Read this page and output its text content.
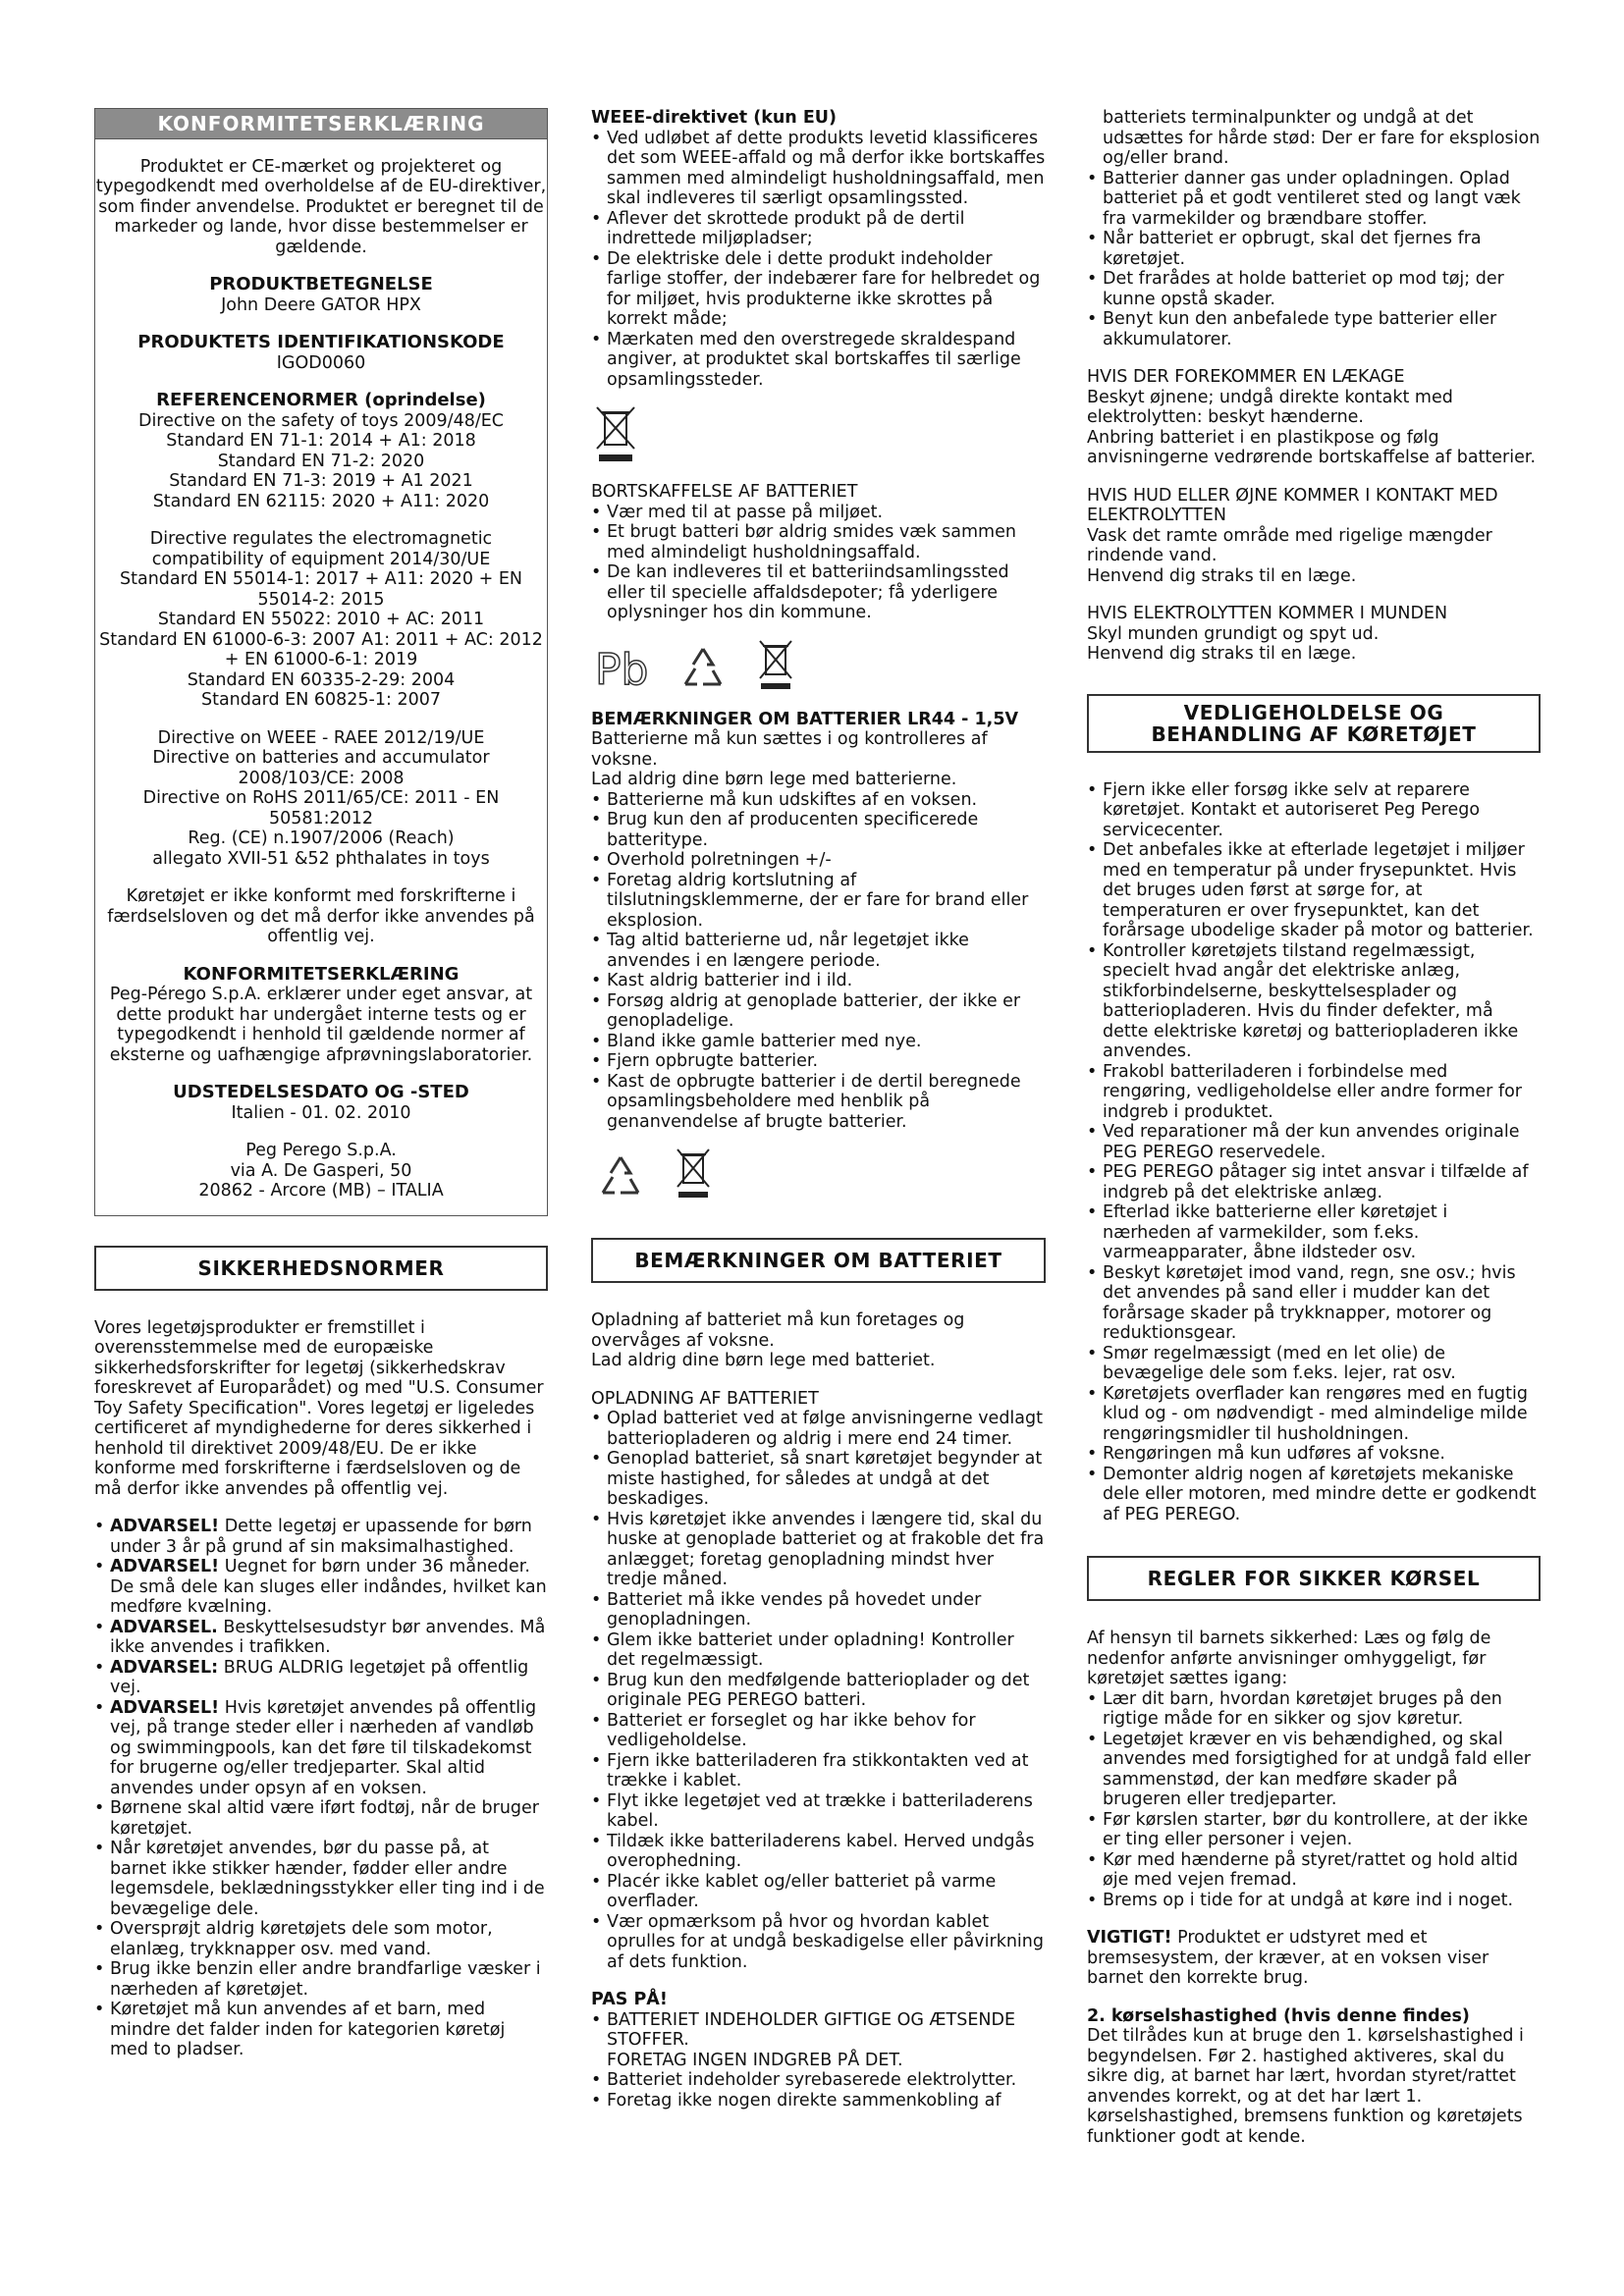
KONFORMITETSERKLÆRING

Produktet er CE-mærket og projekteret og typegodkendt med overholdelse af de EU-direktiver, som finder anvendelse. Produktet er beregnet til de markeder og lande, hvor disse bestemmelser er gældende.

PRODUKTBETEGNELSE

John Deere GATOR HPX

PRODUKTETS IDENTIFIKATIONSKODE

IGOD0060

REFERENCENORMER (oprindelse)

Directive on the safety of toys 2009/48/EC
Standard EN 71-1: 2014 + A1: 2018
Standard EN 71-2: 2020
Standard EN 71-3: 2019 + A1 2021
Standard EN 62115: 2020 + A11: 2020

Directive regulates the electromagnetic compatibility of equipment 2014/30/UE
Standard EN 55014-1: 2017 + A11: 2020 + EN 55014-2: 2015
Standard EN 55022: 2010 + AC: 2011
Standard EN 61000-6-3: 2007 A1: 2011 + AC: 2012 + EN 61000-6-1: 2019
Standard EN 60335-2-29: 2004
Standard EN 60825-1: 2007

Directive on WEEE - RAEE 2012/19/UE
Directive on batteries and accumulator 2008/103/CE: 2008
Directive on RoHS 2011/65/CE: 2011 - EN 50581:2012
Reg. (CE) n.1907/2006 (Reach)
allegato XVII-51 &52 phthalates in toys

Køretøjet er ikke konformt med forskrifterne i færdselsloven og det må derfor ikke anvendes på offentlig vej.

KONFORMITETSERKLÆRING

Peg-Pérego S.p.A. erklærer under eget ansvar, at dette produkt har undergået interne tests og er typegodkendt i henhold til gældende normer af eksterne og uafhængige afprøvningslaboratorier.

UDSTEDELSESDATO OG -STED

Italien - 01. 02. 2010

Peg Perego S.p.A.
via A. De Gasperi, 50
20862 - Arcore (MB) – ITALIA

SIKKERHEDSNORMER

Vores legetøjsprodukter er fremstillet i overensstemmelse med de europæiske sikkerhedsforskrifter for legetøj (sikkerhedskrav foreskrevet af Europarådet) og med "U.S. Consumer Toy Safety Specification". Vores legetøj er ligeledes certificeret af myndighederne for deres sikkerhed i henhold til direktivet 2009/48/EU. De er ikke konforme med forskrifterne i færdselsloven og de må derfor ikke anvendes på offentlig vej.

• ADVARSEL! Dette legetøj er upassende for børn under 3 år på grund af sin maksimalhastighed.
• ADVARSEL! Uegnet for børn under 36 måneder. De små dele kan sluges eller indåndes, hvilket kan medføre kvælning.
• ADVARSEL. Beskyttelsesudstyr bør anvendes. Må ikke anvendes i trafikken.
• ADVARSEL: BRUG ALDRIG legetøjet på offentlig vej.
• ADVARSEL! Hvis køretøjet anvendes på offentlig vej, på trange steder eller i nærheden af vandløb og swimmingpools, kan det føre til tilskadekomst for brugerne og/eller tredjeparter. Skal altid anvendes under opsyn af en voksen.
• Børnene skal altid være iført fodtøj, når de bruger køretøjet.
• Når køretøjet anvendes, bør du passe på, at barnet ikke stikker hænder, fødder eller andre legemsdele, beklædningsstykker eller ting ind i de bevægelige dele.
• Oversprøjt aldrig køretøjets dele som motor, elanlæg, trykknapper osv. med vand.
• Brug ikke benzin eller andre brandfarlige væsker i nærheden af køretøjet.
• Køretøjet må kun anvendes af et barn, med mindre det falder inden for kategorien køretøj med to pladser.
WEEE-direktivet (kun EU)
• Ved udløbet af dette produkts levetid klassificeres det som WEEE-affald og må derfor ikke bortskaffes sammen med almindeligt husholdningsaffald, men skal indleveres til særligt opsamlingssted.
• Aflever det skrottede produkt på de dertil indrettede miljøpladser;
• De elektriske dele i dette produkt indeholder farlige stoffer, der indebærer fare for helbredet og for miljøet, hvis produkterne ikke skrottes på korrekt måde;
• Mærkaten med den overstregede skraldespand angiver, at produktet skal bortskaffes til særlige opsamlingssteder.
BORTSKAFFELSE AF BATTERIET
• Vær med til at passe på miljøet.
• Et brugt batteri bør aldrig smides væk sammen med almindeligt husholdningsaffald.
• De kan indleveres til et batteriindsamlingssted eller til specielle affaldsdepoter; få yderligere oplysninger hos din kommune.
Pb
BEMÆRKNINGER OM BATTERIER LR44 - 1,5V

Batterierne må kun sættes i og kontrolleres af voksne.
Lad aldrig dine børn lege med batterierne.

• Batterierne må kun udskiftes af en voksen.
• Brug kun den af producenten specificerede batteritype.
• Overhold polretningen +/-
• Foretag aldrig kortslutning af tilslutningsklemmerne, der er fare for brand eller eksplosion.
• Tag altid batterierne ud, når legetøjet ikke anvendes i en længere periode.
• Kast aldrig batterier ind i ild.
• Forsøg aldrig at genoplade batterier, der ikke er genopladelige.
• Bland ikke gamle batterier med nye.
• Fjern opbrugte batterier.
• Kast de opbrugte batterier i de dertil beregnede opsamlingsbeholdere med henblik på genanvendelse af brugte batterier.
BEMÆRKNINGER OM BATTERIET

Opladning af batteriet må kun foretages og overvåges af voksne.
Lad aldrig dine børn lege med batteriet.

OPLADNING AF BATTERIET
• Oplad batteriet ved at følge anvisningerne vedlagt batteriopladeren og aldrig i mere end 24 timer.
• Genoplad batteriet, så snart køretøjet begynder at miste hastighed, for således at undgå at det beskadiges.
• Hvis køretøjet ikke anvendes i længere tid, skal du huske at genoplade batteriet og at frakoble det fra anlægget; foretag genopladning mindst hver tredje måned.
• Batteriet må ikke vendes på hovedet under genopladningen.
• Glem ikke batteriet under opladning! Kontroller det regelmæssigt.
• Brug kun den medfølgende batterioplader og det originale PEG PEREGO batteri.
• Batteriet er forseglet og har ikke behov for vedligeholdelse.
• Fjern ikke batteriladeren fra stikkontakten ved at trække i kablet.
• Flyt ikke legetøjet ved at trække i batteriladerens kabel.
• Tildæk ikke batteriladerens kabel. Herved undgås overophedning.
• Placér ikke kablet og/eller batteriet på varme overflader.
• Vær opmærksom på hvor og hvordan kablet oprulles for at undgå beskadigelse eller påvirkning af dets funktion.
PAS PÅ!
• BATTERIET INDEHOLDER GIFTIGE OG ÆTSENDE STOFFER.
FORETAG INGEN INDGREB PÅ DET.
• Batteriet indeholder syrebaserede elektrolytter.
• Foretag ikke nogen direkte sammenkobling af

batteriets terminalpunkter og undgå at det udsættes for hårde stød: Der er fare for eksplosion og/eller brand.

• Batterier danner gas under opladningen. Oplad batteriet på et godt ventileret sted og langt væk fra varmekilder og brændbare stoffer.
• Når batteriet er opbrugt, skal det fjernes fra køretøjet.
• Det frarådes at holde batteriet op mod tøj; der kunne opstå skader.
• Benyt kun den anbefalede type batterier eller akkumulatorer.
HVIS DER FOREKOMMER EN LÆKAGE

Beskyt øjnene; undgå direkte kontakt med elektrolytten: beskyt hænderne.
Anbring batteriet i en plastikpose og følg anvisningerne vedrørende bortskaffelse af batterier.

HVIS HUD ELLER ØJNE KOMMER I KONTAKT MED ELEKTROLYTTEN

Vask det ramte område med rigelige mængder rindende vand.
Henvend dig straks til en læge.

HVIS ELEKTROLYTTEN KOMMER I MUNDEN

Skyl munden grundigt og spyt ud.
Henvend dig straks til en læge.

VEDLIGEHOLDELSE OG BEHANDLING AF KØRETØJET
• Fjern ikke eller forsøg ikke selv at reparere køretøjet. Kontakt et autoriseret Peg Perego servicecenter.
• Det anbefales ikke at efterlade legetøjet i miljøer med en temperatur på under frysepunktet. Hvis det bruges uden først at sørge for, at temperaturen er over frysepunktet, kan det forårsage ubodelige skader på motor og batterier.
• Kontroller køretøjets tilstand regelmæssigt, specielt hvad angår det elektriske anlæg, stikforbindelserne, beskyttelsesplader og batteriopladeren. Hvis du finder defekter, må dette elektriske køretøj og batteriopladeren ikke anvendes.
• Frakobl batteriladeren i forbindelse med rengøring, vedligeholdelse eller andre former for indgreb i produktet.
• Ved reparationer må der kun anvendes originale PEG PEREGO reservedele.
• PEG PEREGO påtager sig intet ansvar i tilfælde af indgreb på det elektriske anlæg.
• Efterlad ikke batterierne eller køretøjet i nærheden af varmekilder, som f.eks. varmeapparater, åbne ildsteder osv.
• Beskyt køretøjet imod vand, regn, sne osv.; hvis det anvendes på sand eller i mudder kan det forårsage skader på trykknapper, motorer og reduktionsgear.
• Smør regelmæssigt (med en let olie) de bevægelige dele som f.eks. lejer, rat osv.
• Køretøjets overflader kan rengøres med en fugtig klud og - om nødvendigt - med almindelige milde rengøringsmidler til husholdningen.
• Rengøringen må kun udføres af voksne.
• Demonter aldrig nogen af køretøjets mekaniske dele eller motoren, med mindre dette er godkendt af PEG PEREGO.
REGLER FOR SIKKER KØRSEL

Af hensyn til barnets sikkerhed: Læs og følg de nedenfor anførte anvisninger omhyggeligt, før køretøjet sættes igang:

• Lær dit barn, hvordan køretøjet bruges på den rigtige måde for en sikker og sjov køretur.
• Legetøjet kræver en vis behændighed, og skal anvendes med forsigtighed for at undgå fald eller sammenstød, der kan medføre skader på brugeren eller tredjeparter.
• Før kørslen starter, bør du kontrollere, at der ikke er ting eller personer i vejen.
• Kør med hænderne på styret/rattet og hold altid øje med vejen fremad.
• Brems op i tide for at undgå at køre ind i noget.

VIGTIGT! Produktet er udstyret med et bremsesystem, der kræver, at en voksen viser barnet den korrekte brug.

2. kørselshastighed (hvis denne findes)

Det tilrådes kun at bruge den 1. kørselshastighed i begyndelsen. Før 2. hastighed aktiveres, skal du sikre dig, at barnet har lært, hvordan styret/rattet anvendes korrekt, og at det har lært 1. kørselshastighed, bremsens funktion og køretøjets funktioner godt at kende.
